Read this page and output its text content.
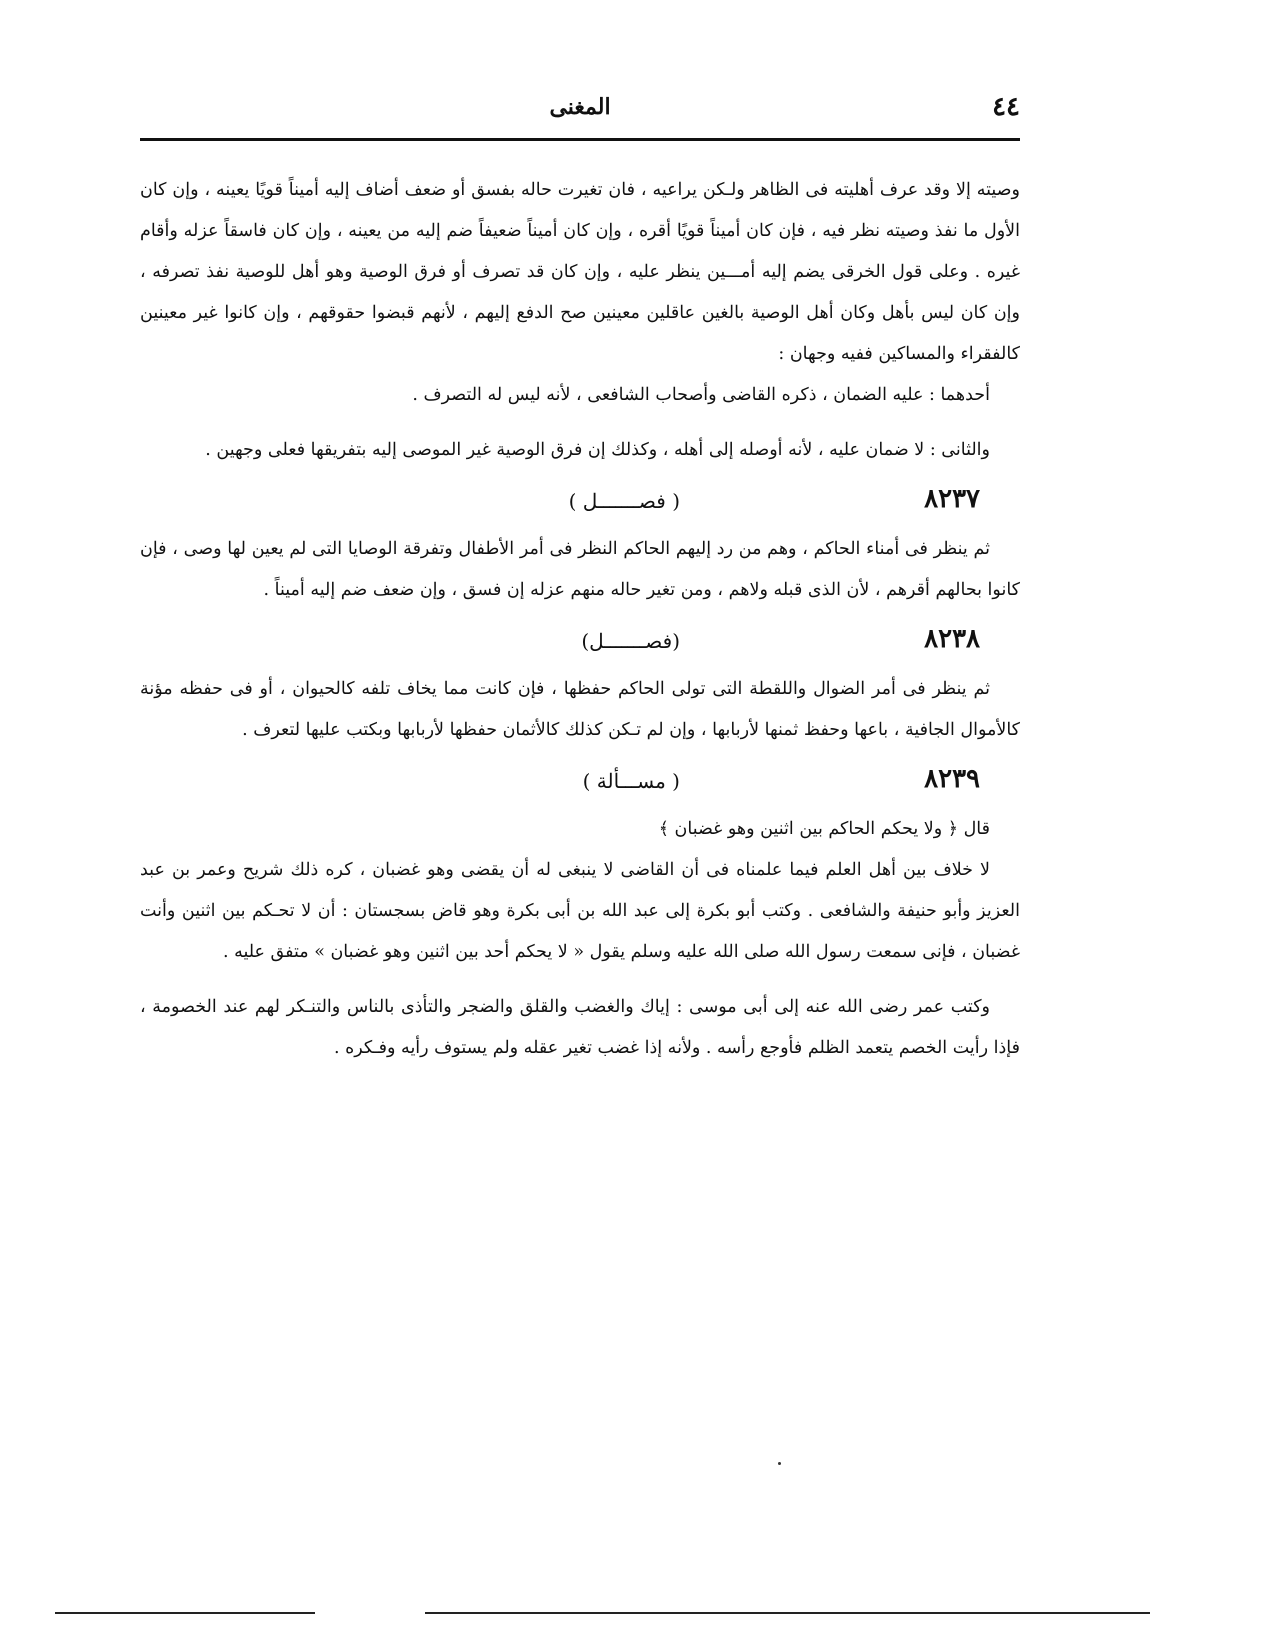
٤٤
المغنى

وصيته إلا وقد عرف أهليته فى الظاهر ولـكن يراعيه ، فان تغيرت حاله بفسق أو ضعف أضاف إليه أميناً قويًا يعينه ، وإن كان الأول ما نفذ وصيته نظر فيه ، فإن كان أميناً قويًا أقره ، وإن كان أميناً ضعيفاً ضم إليه من يعينه ، وإن كان فاسقاً عزله وأقام غيره . وعلى قول الخرقى يضم إليه أمـــين ينظر عليه ، وإن كان قد تصرف أو فرق الوصية وهو أهل للوصية نفذ تصرفه ، وإن كان ليس بأهل وكان أهل الوصية بالغين عاقلين معينين صح الدفع إليهم ، لأنهم قبضوا حقوقهم ، وإن كانوا غير معينين كالفقراء والمساكين ففيه وجهان :

أحدهما : عليه الضمان ، ذكره القاضى وأصحاب الشافعى ، لأنه ليس له التصرف .

والثانى : لا ضمان عليه ، لأنه أوصله إلى أهله ، وكذلك إن فرق الوصية غير الموصى إليه بتفريقها فعلى وجهين .

٨٢٣٧
( فصـــــــل )

ثم ينظر فى أمناء الحاكم ، وهم من رد إليهم الحاكم النظر فى أمر الأطفال وتفرقة الوصايا التى لم يعين لها وصى ، فإن كانوا بحالهم أقرهم ، لأن الذى قبله ولاهم ، ومن تغير حاله منهم عزله إن فسق ، وإن ضعف ضم إليه أميناً .

٨٢٣٨
(فصـــــــل)

ثم ينظر فى أمر الضوال واللقطة التى تولى الحاكم حفظها ، فإن كانت مما يخاف تلفه كالحيوان ، أو فى حفظه مؤنة كالأموال الجافية ، باعها وحفظ ثمنها لأربابها ، وإن لم تـكن كذلك كالأثمان حفظها لأربابها وبكتب عليها لتعرف .

٨٢٣٩
( مســـألة )

قال ﴿ ولا يحكم الحاكم بين اثنين وهو غضبان ﴾

لا خلاف بين أهل العلم فيما علمناه فى أن القاضى لا ينبغى له أن يقضى وهو غضبان ، كره ذلك شريح وعمر بن عبد العزيز وأبو حنيفة والشافعى . وكتب أبو بكرة إلى عبد الله بن أبى بكرة وهو قاض بسجستان : أن لا تحـكم بين اثنين وأنت غضبان ، فإنى سمعت رسول الله صلى الله عليه وسلم يقول « لا يحكم أحد بين اثنين وهو غضبان » متفق عليه .

وكتب عمر رضى الله عنه إلى أبى موسى : إياك والغضب والقلق والضجر والتأذى بالناس والتنـكر لهم عند الخصومة ، فإذا رأيت الخصم يتعمد الظلم فأوجع رأسه . ولأنه إذا غضب تغير عقله ولم يستوف رأيه وفـكره .
